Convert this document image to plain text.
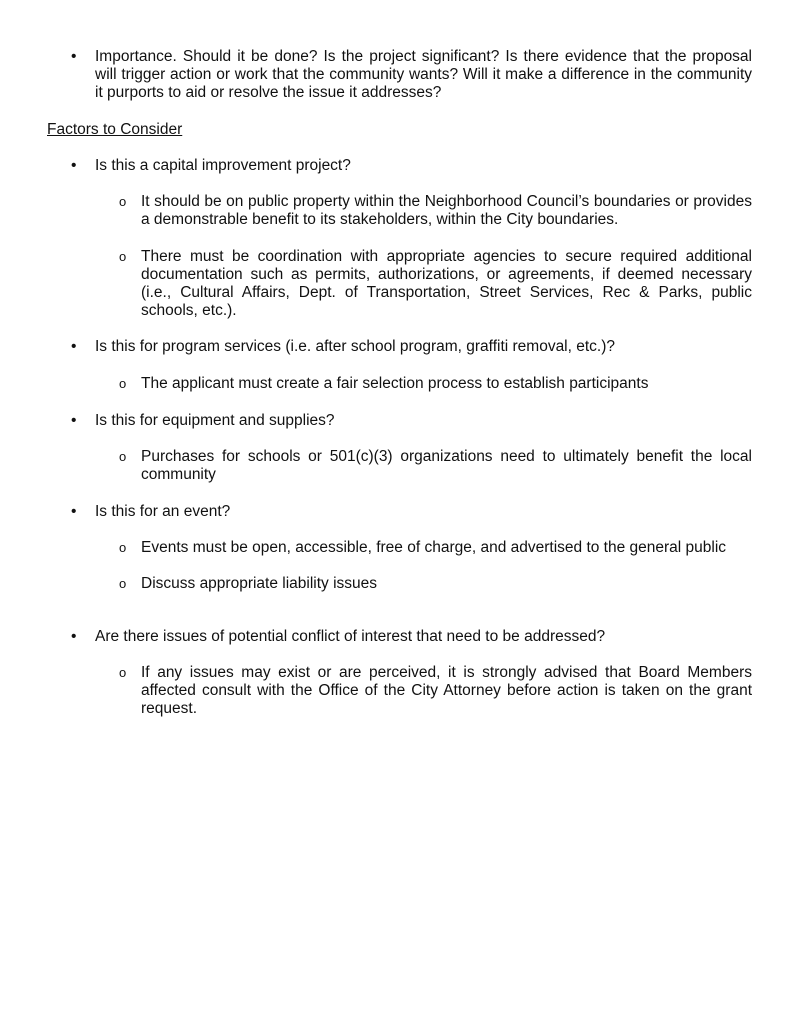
• Importance. Should it be done? Is the project significant? Is there evidence that the proposal will trigger action or work that the community wants? Will it make a difference in the community it purports to aid or resolve the issue it addresses?
Factors to Consider
• Is this a capital improvement project?
o It should be on public property within the Neighborhood Council’s boundaries or provides a demonstrable benefit to its stakeholders, within the City boundaries.
o There must be coordination with appropriate agencies to secure required additional documentation such as permits, authorizations, or agreements, if deemed necessary (i.e., Cultural Affairs, Dept. of Transportation, Street Services, Rec & Parks, public schools, etc.).
• Is this for program services (i.e. after school program, graffiti removal, etc.)?
o The applicant must create a fair selection process to establish participants
• Is this for equipment and supplies?
o Purchases for schools or 501(c)(3) organizations need to ultimately benefit the local community
• Is this for an event?
o Events must be open, accessible, free of charge, and advertised to the general public
o Discuss appropriate liability issues
• Are there issues of potential conflict of interest that need to be addressed?
o If any issues may exist or are perceived, it is strongly advised that Board Members affected consult with the Office of the City Attorney before action is taken on the grant request.
